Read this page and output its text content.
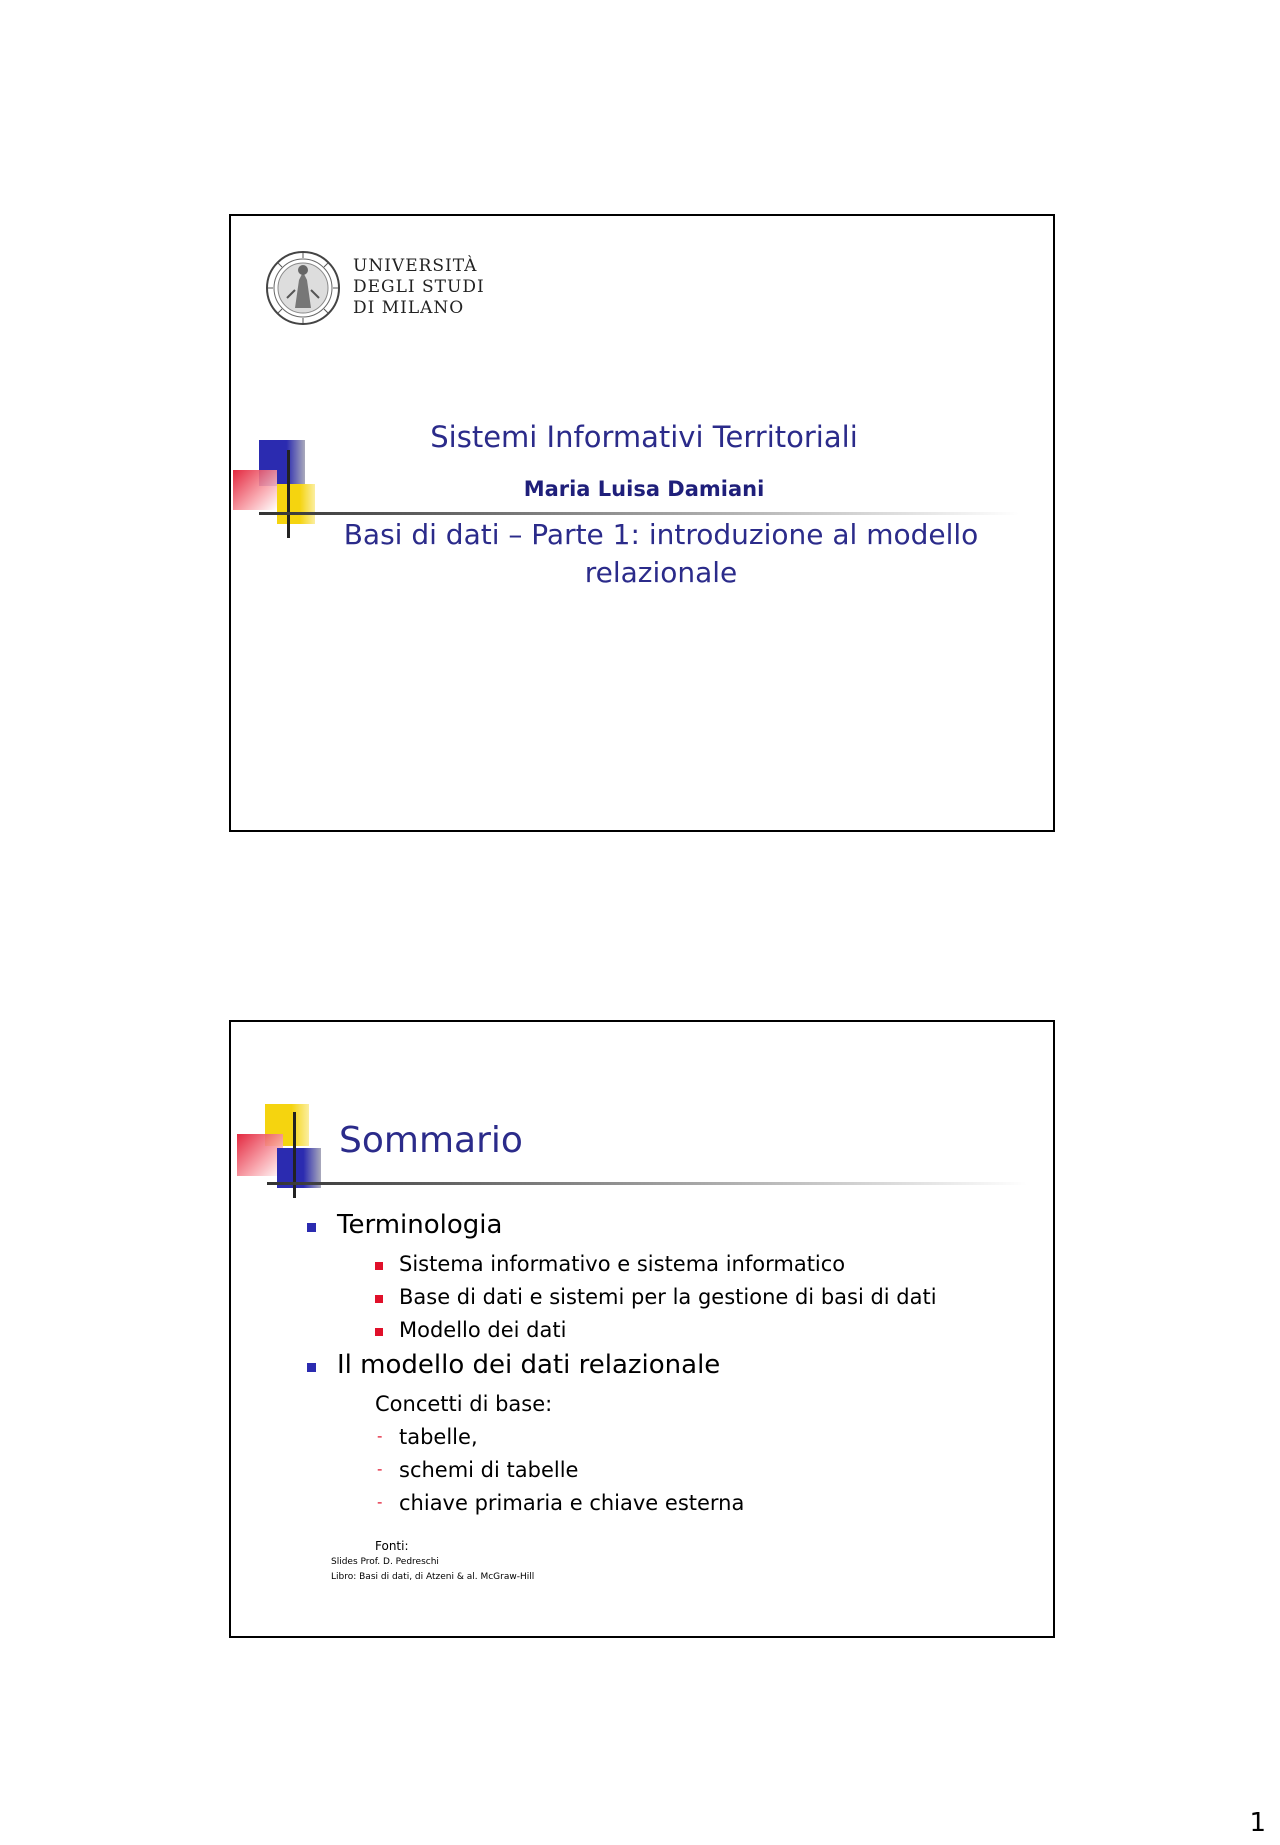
UNIVERSITÀ
DEGLI STUDI
DI MILANO
Sistemi Informativi Territoriali
Maria Luisa Damiani
Basi di dati – Parte 1: introduzione al modello relazionale
Sommario
Terminologia
Sistema informativo e sistema informatico
Base di dati e sistemi per la gestione di basi di dati
Modello dei dati
Il modello dei dati relazionale
Concetti di base:
- tabelle,
- schemi di tabelle
- chiave primaria e chiave esterna
Fonti:
Slides Prof. D. Pedreschi
Libro: Basi di dati, di Atzeni & al. McGraw-Hill
1
